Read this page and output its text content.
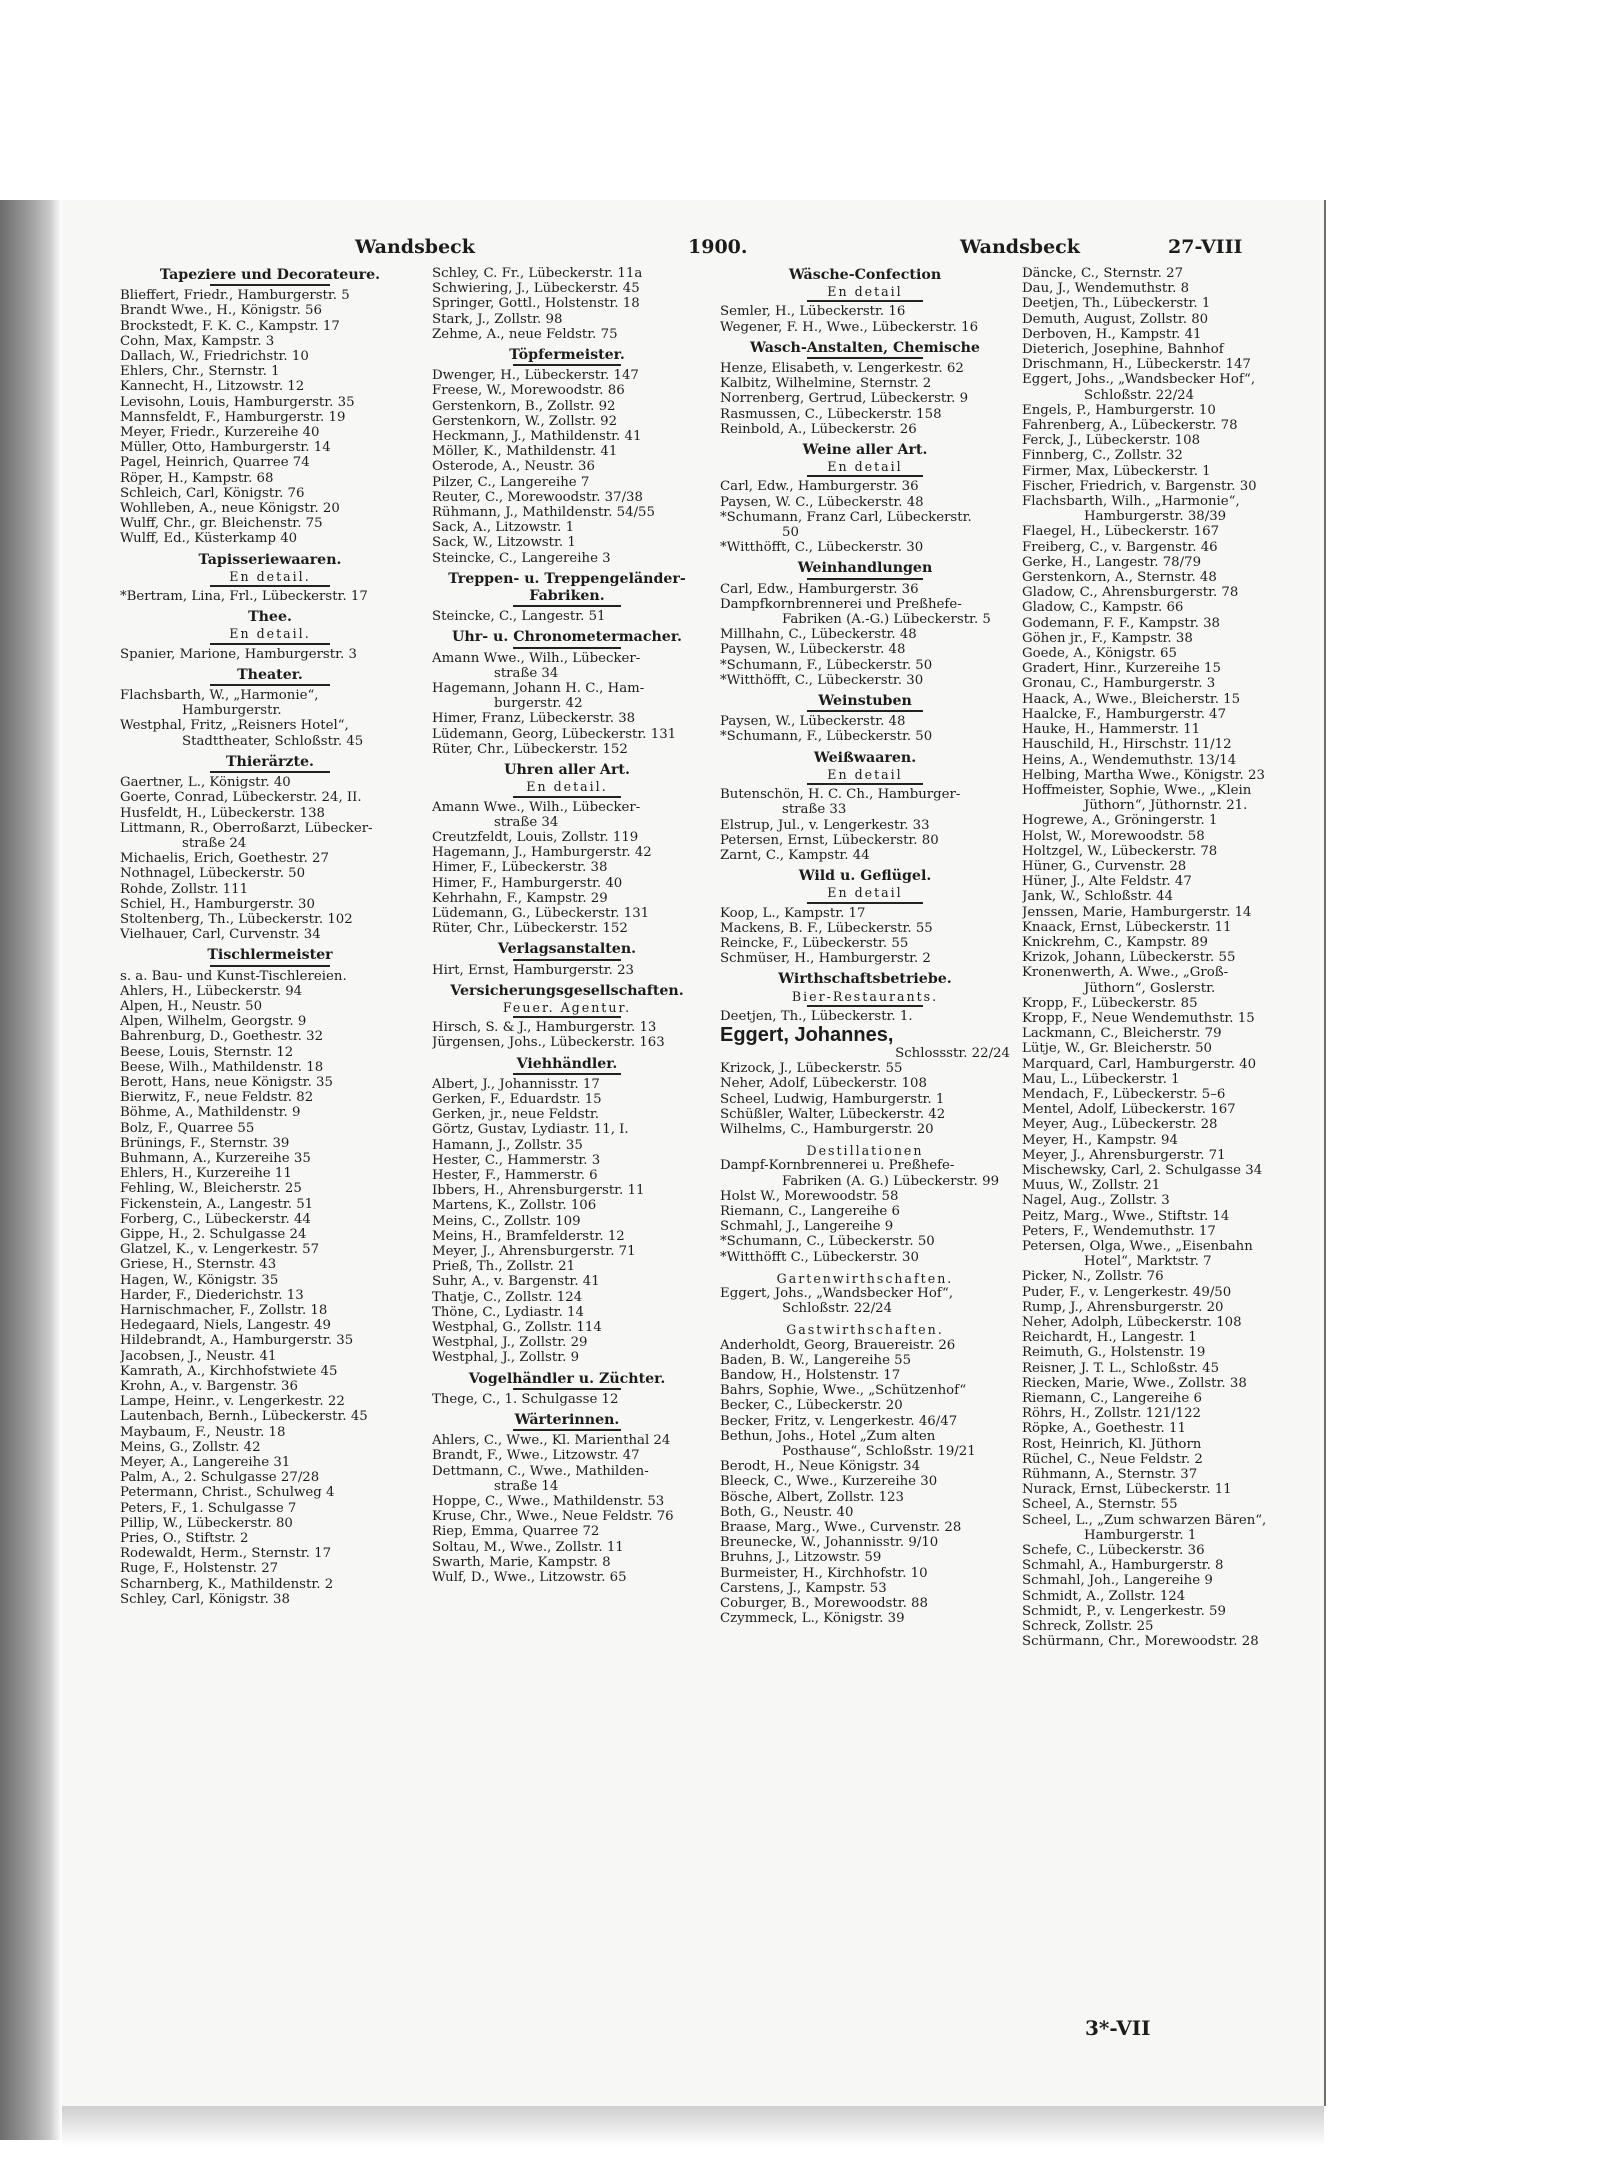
Wandsbeck	1900.	Wandsbeck	27-VIII
Tapeziere und Decorateure.
Blieffert, Friedr., Hamburgerstr. 5
Brandt Wwe., H., Königstr. 56
Brockstedt, F. K. C., Kampstr. 17
Cohn, Max, Kampstr. 3
Dallach, W., Friedrichstr. 10
Ehlers, Chr., Sternstr. 1
Kannecht, H., Litzowstr. 12
Levisohn, Louis, Hamburgerstr. 35
Mannsfeldt, F., Hamburgerstr. 19
Meyer, Friedr., Kurzereihe 40
Müller, Otto, Hamburgerstr. 14
Pagel, Heinrich, Quarree 74
Röper, H., Kampstr. 68
Schleich, Carl, Königstr. 76
Wohlleben, A., neue Königstr. 20
Wulff, Chr., gr. Bleichenstr. 75
Wulff, Ed., Küsterkamp 40
Tapisseriewaaren.
En detail.
*Bertram, Lina, Frl., Lübeckerstr. 17
Thee.
En detail.
Spanier, Marione, Hamburgerstr. 3
Theater.
Flachsbarth, W., „Harmonie“,
Hamburgerstr.
Westphal, Fritz, „Reisners Hotel“,
Stadttheater, Schloßstr. 45
Thierärzte.
Gaertner, L., Königstr. 40
Goerte, Conrad, Lübeckerstr. 24, II.
Husfeldt, H., Lübeckerstr. 138
Littmann, R., Oberroßarzt, Lübecker-
straße 24
Michaelis, Erich, Goethestr. 27
Nothnagel, Lübeckerstr. 50
Rohde, Zollstr. 111
Schiel, H., Hamburgerstr. 30
Stoltenberg, Th., Lübeckerstr. 102
Vielhauer, Carl, Curvenstr. 34
Tischlermeister
s. a. Bau- und Kunst-Tischlereien.
Ahlers, H., Lübeckerstr. 94
Alpen, H., Neustr. 50
Alpen, Wilhelm, Georgstr. 9
Bahrenburg, D., Goethestr. 32
Beese, Louis, Sternstr. 12
Beese, Wilh., Mathildenstr. 18
Berott, Hans, neue Königstr. 35
Bierwitz, F., neue Feldstr. 82
Böhme, A., Mathildenstr. 9
Bolz, F., Quarree 55
Brünings, F., Sternstr. 39
Buhmann, A., Kurzereihe 35
Ehlers, H., Kurzereihe 11
Fehling, W., Bleicherstr. 25
Fickenstein, A., Langestr. 51
Forberg, C., Lübeckerstr. 44
Gippe, H., 2. Schulgasse 24
Glatzel, K., v. Lengerkestr. 57
Griese, H., Sternstr. 43
Hagen, W., Königstr. 35
Harder, F., Diederichstr. 13
Harnischmacher, F., Zollstr. 18
Hedegaard, Niels, Langestr. 49
Hildebrandt, A., Hamburgerstr. 35
Jacobsen, J., Neustr. 41
Kamrath, A., Kirchhofstwiete 45
Krohn, A., v. Bargenstr. 36
Lampe, Heinr., v. Lengerkestr. 22
Lautenbach, Bernh., Lübeckerstr. 45
Maybaum, F., Neustr. 18
Meins, G., Zollstr. 42
Meyer, A., Langereihe 31
Palm, A., 2. Schulgasse 27/28
Petermann, Christ., Schulweg 4
Peters, F., 1. Schulgasse 7
Pillip, W., Lübeckerstr. 80
Pries, O., Stiftstr. 2
Rodewaldt, Herm., Sternstr. 17
Ruge, F., Holstenstr. 27
Scharnberg, K., Mathildenstr. 2
Schley, Carl, Königstr. 38
Schley, C. Fr., Lübeckerstr. 11a
Schwiering, J., Lübeckerstr. 45
Springer, Gottl., Holstenstr. 18
Stark, J., Zollstr. 98
Zehme, A., neue Feldstr. 75
Töpfermeister.
Dwenger, H., Lübeckerstr. 147
Freese, W., Morewoodstr. 86
Gerstenkorn, B., Zollstr. 92
Gerstenkorn, W., Zollstr. 92
Heckmann, J., Mathildenstr. 41
Möller, K., Mathildenstr. 41
Osterode, A., Neustr. 36
Pilzer, C., Langereihe 7
Reuter, C., Morewoodstr. 37/38
Rühmann, J., Mathildenstr. 54/55
Sack, A., Litzowstr. 1
Sack, W., Litzowstr. 1
Steincke, C., Langereihe 3
Treppen- u. Treppengeländer-
Fabriken.
Steincke, C., Langestr. 51
Uhr- u. Chronometermacher.
Amann Wwe., Wilh., Lübecker-
straße 34
Hagemann, Johann H. C., Ham-
burgerstr. 42
Himer, Franz, Lübeckerstr. 38
Lüdemann, Georg, Lübeckerstr. 131
Rüter, Chr., Lübeckerstr. 152
Uhren aller Art.
En detail.
Amann Wwe., Wilh., Lübecker-
straße 34
Creutzfeldt, Louis, Zollstr. 119
Hagemann, J., Hamburgerstr. 42
Himer, F., Lübeckerstr. 38
Himer, F., Hamburgerstr. 40
Kehrhahn, F., Kampstr. 29
Lüdemann, G., Lübeckerstr. 131
Rüter, Chr., Lübeckerstr. 152
Verlagsanstalten.
Hirt, Ernst, Hamburgerstr. 23
Versicherungsgesellschaften.
Feuer. Agentur.
Hirsch, S. & J., Hamburgerstr. 13
Jürgensen, Johs., Lübeckerstr. 163
Viehhändler.
Albert, J., Johannisstr. 17
Gerken, F., Eduardstr. 15
Gerken, jr., neue Feldstr.
Görtz, Gustav, Lydiastr. 11, I.
Hamann, J., Zollstr. 35
Hester, C., Hammerstr. 3
Hester, F., Hammerstr. 6
Ibbers, H., Ahrensburgerstr. 11
Martens, K., Zollstr. 106
Meins, C., Zollstr. 109
Meins, H., Bramfelderstr. 12
Meyer, J., Ahrensburgerstr. 71
Prieß, Th., Zollstr. 21
Suhr, A., v. Bargenstr. 41
Thatje, C., Zollstr. 124
Thöne, C., Lydiastr. 14
Westphal, G., Zollstr. 114
Westphal, J., Zollstr. 29
Westphal, J., Zollstr. 9
Vogelhändler u. Züchter.
Thege, C., 1. Schulgasse 12
Wärterinnen.
Ahlers, C., Wwe., Kl. Marienthal 24
Brandt, F., Wwe., Litzowstr. 47
Dettmann, C., Wwe., Mathilden-
straße 14
Hoppe, C., Wwe., Mathildenstr. 53
Kruse, Chr., Wwe., Neue Feldstr. 76
Riep, Emma, Quarree 72
Soltau, M., Wwe., Zollstr. 11
Swarth, Marie, Kampstr. 8
Wulf, D., Wwe., Litzowstr. 65
Wäsche-Confection
En detail
Semler, H., Lübeckerstr. 16
Wegener, F. H., Wwe., Lübeckerstr. 16
Wasch-Anstalten, Chemische
Henze, Elisabeth, v. Lengerkestr. 62
Kalbitz, Wilhelmine, Sternstr. 2
Norrenberg, Gertrud, Lübeckerstr. 9
Rasmussen, C., Lübeckerstr. 158
Reinbold, A., Lübeckerstr. 26
Weine aller Art.
En detail
Carl, Edw., Hamburgerstr. 36
Paysen, W. C., Lübeckerstr. 48
*Schumann, Franz Carl, Lübeckerstr.
50
*Witthöfft, C., Lübeckerstr. 30
Weinhandlungen
Carl, Edw., Hamburgerstr. 36
Dampfkornbrennerei und Preßhefe-
Fabriken (A.-G.) Lübeckerstr. 5
Millhahn, C., Lübeckerstr. 48
Paysen, W., Lübeckerstr. 48
*Schumann, F., Lübeckerstr. 50
*Witthöfft, C., Lübeckerstr. 30
Weinstuben
Paysen, W., Lübeckerstr. 48
*Schumann, F., Lübeckerstr. 50
Weißwaaren.
En detail
Butenschön, H. C. Ch., Hamburger-
straße 33
Elstrup, Jul., v. Lengerkestr. 33
Petersen, Ernst, Lübeckerstr. 80
Zarnt, C., Kampstr. 44
Wild u. Geflügel.
En detail
Koop, L., Kampstr. 17
Mackens, B. F., Lübeckerstr. 55
Reincke, F., Lübeckerstr. 55
Schmüser, H., Hamburgerstr. 2
Wirthschaftsbetriebe.
Bier-Restaurants.
Deetjen, Th., Lübeckerstr. 1.
Eggert, Johannes,
Schlossstr. 22/24
Krizock, J., Lübeckerstr. 55
Neher, Adolf, Lübeckerstr. 108
Scheel, Ludwig, Hamburgerstr. 1
Schüßler, Walter, Lübeckerstr. 42
Wilhelms, C., Hamburgerstr. 20
Destillationen
Dampf-Kornbrennerei u. Preßhefe-
Fabriken (A. G.) Lübeckerstr. 99
Holst W., Morewoodstr. 58
Riemann, C., Langereihe 6
Schmahl, J., Langereihe 9
*Schumann, C., Lübeckerstr. 50
*Witthöfft C., Lübeckerstr. 30
Gartenwirthschaften.
Eggert, Johs., „Wandsbecker Hof“,
Schloßstr. 22/24
Gastwirthschaften.
Anderholdt, Georg, Brauereistr. 26
Baden, B. W., Langereihe 55
Bandow, H., Holstenstr. 17
Bahrs, Sophie, Wwe., „Schützenhof“
Becker, C., Lübeckerstr. 20
Becker, Fritz, v. Lengerkestr. 46/47
Bethun, Johs., Hotel „Zum alten
Posthause“, Schloßstr. 19/21
Berodt, H., Neue Königstr. 34
Bleeck, C., Wwe., Kurzereihe 30
Bösche, Albert, Zollstr. 123
Both, G., Neustr. 40
Braase, Marg., Wwe., Curvenstr. 28
Breunecke, W., Johannisstr. 9/10
Bruhns, J., Litzowstr. 59
Burmeister, H., Kirchhofstr. 10
Carstens, J., Kampstr. 53
Coburger, B., Morewoodstr. 88
Czymmeck, L., Königstr. 39
Däncke, C., Sternstr. 27
Dau, J., Wendemuthstr. 8
Deetjen, Th., Lübeckerstr. 1
Demuth, August, Zollstr. 80
Derboven, H., Kampstr. 41
Dieterich, Josephine, Bahnhof
Drischmann, H., Lübeckerstr. 147
Eggert, Johs., „Wandsbecker Hof“,
Schloßstr. 22/24
Engels, P., Hamburgerstr. 10
Fahrenberg, A., Lübeckerstr. 78
Ferck, J., Lübeckerstr. 108
Finnberg, C., Zollstr. 32
Firmer, Max, Lübeckerstr. 1
Fischer, Friedrich, v. Bargenstr. 30
Flachsbarth, Wilh., „Harmonie“,
Hamburgerstr. 38/39
Flaegel, H., Lübeckerstr. 167
Freiberg, C., v. Bargenstr. 46
Gerke, H., Langestr. 78/79
Gerstenkorn, A., Sternstr. 48
Gladow, C., Ahrensburgerstr. 78
Gladow, C., Kampstr. 66
Godemann, F. F., Kampstr. 38
Göhen jr., F., Kampstr. 38
Goede, A., Königstr. 65
Gradert, Hinr., Kurzereihe 15
Gronau, C., Hamburgerstr. 3
Haack, A., Wwe., Bleicherstr. 15
Haalcke, F., Hamburgerstr. 47
Hauke, H., Hammerstr. 11
Hauschild, H., Hirschstr. 11/12
Heins, A., Wendemuthstr. 13/14
Helbing, Martha Wwe., Königstr. 23
Hoffmeister, Sophie, Wwe., „Klein
Jüthorn“, Jüthornstr. 21.
Hogrewe, A., Gröningerstr. 1
Holst, W., Morewoodstr. 58
Holtzgel, W., Lübeckerstr. 78
Hüner, G., Curvenstr. 28
Hüner, J., Alte Feldstr. 47
Jank, W., Schloßstr. 44
Jenssen, Marie, Hamburgerstr. 14
Knaack, Ernst, Lübeckerstr. 11
Knickrehm, C., Kampstr. 89
Krizok, Johann, Lübeckerstr. 55
Kronenwerth, A. Wwe., „Groß-
Jüthorn“, Goslerstr.
Kropp, F., Lübeckerstr. 85
Kropp, F., Neue Wendemuthstr. 15
Lackmann, C., Bleicherstr. 79
Lütje, W., Gr. Bleicherstr. 50
Marquard, Carl, Hamburgerstr. 40
Mau, L., Lübeckerstr. 1
Mendach, F., Lübeckerstr. 5–6
Mentel, Adolf, Lübeckerstr. 167
Meyer, Aug., Lübeckerstr. 28
Meyer, H., Kampstr. 94
Meyer, J., Ahrensburgerstr. 71
Mischewsky, Carl, 2. Schulgasse 34
Muus, W., Zollstr. 21
Nagel, Aug., Zollstr. 3
Peitz, Marg., Wwe., Stiftstr. 14
Peters, F., Wendemuthstr. 17
Petersen, Olga, Wwe., „Eisenbahn
Hotel“, Marktstr. 7
Picker, N., Zollstr. 76
Puder, F., v. Lengerkestr. 49/50
Rump, J., Ahrensburgerstr. 20
Neher, Adolph, Lübeckerstr. 108
Reichardt, H., Langestr. 1
Reimuth, G., Holstenstr. 19
Reisner, J. T. L., Schloßstr. 45
Riecken, Marie, Wwe., Zollstr. 38
Riemann, C., Langereihe 6
Röhrs, H., Zollstr. 121/122
Röpke, A., Goethestr. 11
Rost, Heinrich, Kl. Jüthorn
Rüchel, C., Neue Feldstr. 2
Rühmann, A., Sternstr. 37
Nurack, Ernst, Lübeckerstr. 11
Scheel, A., Sternstr. 55
Scheel, L., „Zum schwarzen Bären“,
Hamburgerstr. 1
Schefe, C., Lübeckerstr. 36
Schmahl, A., Hamburgerstr. 8
Schmahl, Joh., Langereihe 9
Schmidt, A., Zollstr. 124
Schmidt, P., v. Lengerkestr. 59
Schreck, Zollstr. 25
Schürmann, Chr., Morewoodstr. 28
3*-VII
